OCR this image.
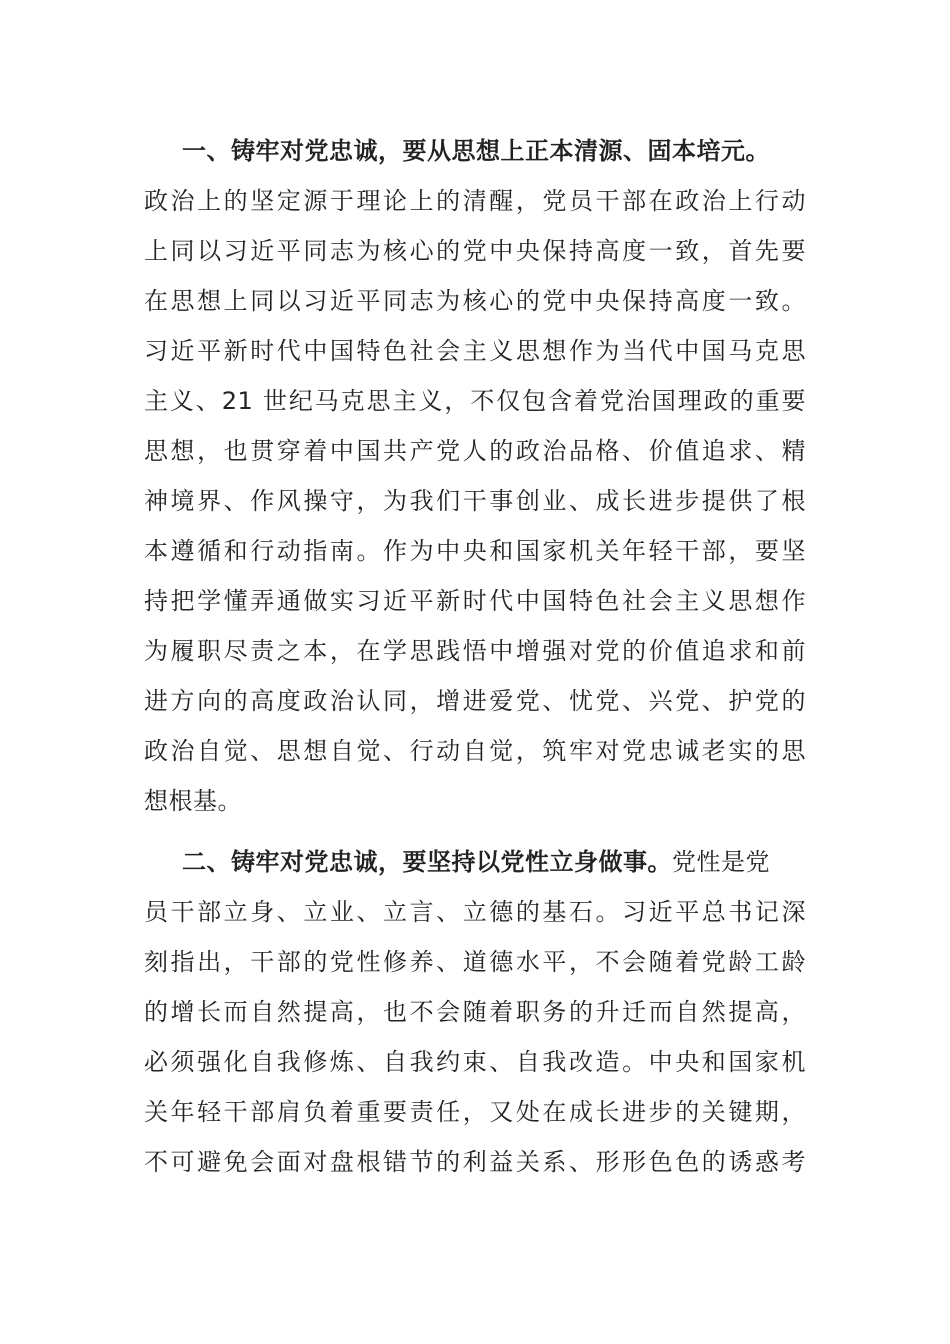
一、铸牢对党忠诚，要从思想上正本清源、固本培元。
政治上的坚定源于理论上的清醒，党员干部在政治上行动
上同以习近平同志为核心的党中央保持高度一致，首先要
在思想上同以习近平同志为核心的党中央保持高度一致。
习近平新时代中国特色社会主义思想作为当代中国马克思
主义、21 世纪马克思主义，不仅包含着党治国理政的重要
思想，也贯穿着中国共产党人的政治品格、价值追求、精
神境界、作风操守，为我们干事创业、成长进步提供了根
本遵循和行动指南。作为中央和国家机关年轻干部，要坚
持把学懂弄通做实习近平新时代中国特色社会主义思想作
为履职尽责之本，在学思践悟中增强对党的价值追求和前
进方向的高度政治认同，增进爱党、忧党、兴党、护党的
政治自觉、思想自觉、行动自觉，筑牢对党忠诚老实的思
想根基。
二、铸牢对党忠诚，要坚持以党性立身做事。党性是党
员干部立身、立业、立言、立德的基石。习近平总书记深
刻指出，干部的党性修养、道德水平，不会随着党龄工龄
的增长而自然提高，也不会随着职务的升迁而自然提高，
必须强化自我修炼、自我约束、自我改造。中央和国家机
关年轻干部肩负着重要责任，又处在成长进步的关键期，
不可避免会面对盘根错节的利益关系、形形色色的诱惑考
